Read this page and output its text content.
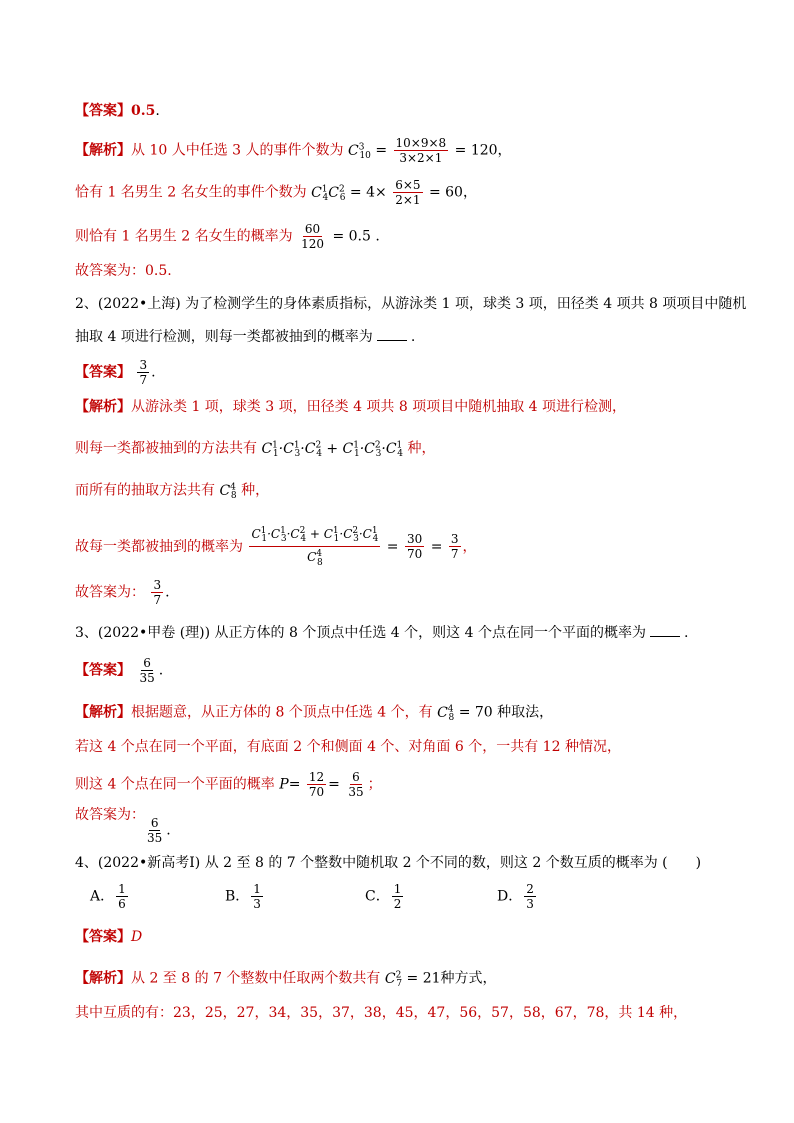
【答案】0.5.
【解析】从 10 人中任选 3 人的事件个数为 $C^3_{10} = \frac{10\times 9\times 8}{3\times 2\times 1} = 120$，
恰有 1 名男生 2 名女生的事件个数为 $C^1_4C^2_6 = 4\times \frac{6\times 5}{2\times 1} = 60$，
则恰有 1 名男生 2 名女生的概率为 $\frac{60}{120} = 0.5$ .
故答案为：0.5.
2、(2022•上海) 为了检测学生的身体素质指标，从游泳类 1 项，球类 3 项，田径类 4 项共 8 项项目中随机
抽取 4 项进行检测，则每一类都被抽到的概率为	.
【答案】 $\frac{3}{7}$ .
【解析】从游泳类 1 项，球类 3 项，田径类 4 项共 8 项项目中随机抽取 4 项进行检测，
则每一类都被抽到的方法共有 $C^1_1\cdot C^1_3\cdot C^2_4 + C^1_1\cdot C^2_3\cdot C^1_4$ 种，
而所有的抽取方法共有 $C^4_8$ 种，
故每一类都被抽到的概率为 $\frac{C^1_1\cdot C^1_3\cdot C^2_4 + C^1_1\cdot C^2_3\cdot C^1_4}{C^4_8} = \frac{30}{70} = \frac{3}{7}$ ，
故答案为： $\frac{3}{7}$ .
3、(2022•甲卷 (理)) 从正方体的 8 个顶点中任选 4 个，则这 4 个点在同一个平面的概率为	.
【答案】 $\frac{6}{35}$ .
【解析】根据题意，从正方体的 8 个顶点中任选 4 个，有 $C^4_8 = 70$ 种取法，
若这 4 个点在同一个平面，有底面 2 个和侧面 4 个、对角面 6 个，一共有 12 种情况，
则这 4 个点在同一个平面的概率 $P= \frac{12}{70} = \frac{6}{35}$ ；
故答案为：
$\frac{6}{35}$ .
4、(2022•新高考Ⅰ) 从 2 至 8 的 7 个整数中随机取 2 个不同的数，则这 2 个数互质的概率为 (　　)
A． $\frac{1}{6}$	B． $\frac{1}{3}$	C． $\frac{1}{2}$	D． $\frac{2}{3}$
【答案】D
【解析】从 2 至 8 的 7 个整数中任取两个数共有 $C^2_7 = 21$种方式，
其中互质的有：23，25，27，34，35，37，38，45，47，56，57，58，67，78，共 14 种，
